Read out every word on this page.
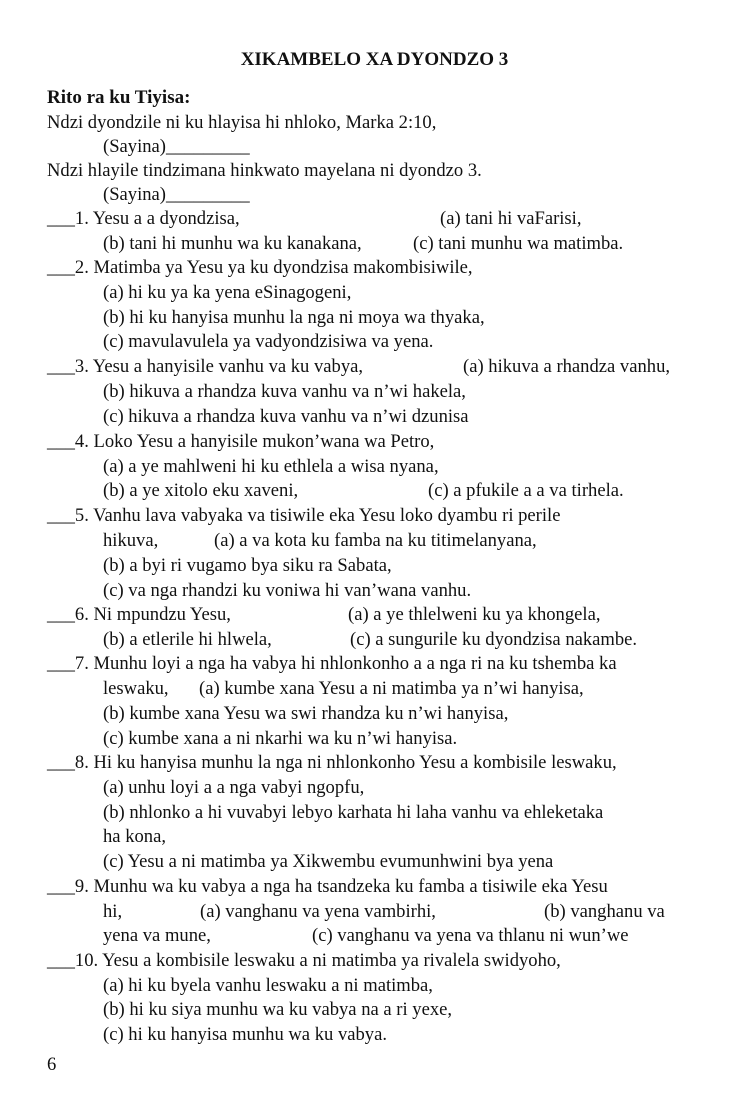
XIKAMBELO XA DYONDZO 3
Rito ra ku Tiyisa:
Ndzi dyondzile ni ku hlayisa hi nhloko, Marka 2:10,
(Sayina)_________
Ndzi hlayile tindzimana hinkwato mayelana ni dyondzo 3.
(Sayina)_________
___1. Yesu a a dyondzisa,	(a) tani hi vaFarisi,
(b) tani hi munhu wa ku kanakana,	(c) tani munhu wa matimba.
___2. Matimba ya Yesu ya ku dyondzisa makombisiwile,
(a) hi ku ya ka yena eSinagogeni,
(b) hi ku hanyisa munhu la nga ni moya wa thyaka,
(c) mavulavulela ya vadyondzisiwa va yena.
___3. Yesu a hanyisile vanhu va ku vabya,	(a) hikuva a rhandza vanhu,
(b) hikuva a rhandza kuva vanhu va n’wi hakela,
(c) hikuva a rhandza kuva vanhu va n’wi dzunisa
___4. Loko Yesu a hanyisile mukon’wana wa Petro,
(a) a ye mahlweni hi ku ethlela a wisa nyana,
(b) a ye xitolo eku xaveni,	(c) a pfukile a a va tirhela.
___5. Vanhu lava vabyaka va tisiwile eka Yesu loko dyambu ri perile
hikuva,	(a) a va kota ku famba na ku titimelanyana,
(b) a byi ri vugamo bya siku ra Sabata,
(c) va nga rhandzi ku voniwa hi van’wana vanhu.
___6. Ni mpundzu Yesu,	(a) a ye thlelweni ku ya khongela,
(b) a etlerile hi hlwela,	(c) a sungurile ku dyondzisa nakambe.
___7. Munhu loyi a nga ha vabya hi nhlonkonho a a nga ri na ku tshemba ka
leswaku, (a) kumbe xana Yesu a ni matimba ya n’wi hanyisa,
(b) kumbe xana Yesu wa swi rhandza ku n’wi hanyisa,
(c) kumbe xana a ni nkarhi wa ku n’wi hanyisa.
___8. Hi ku hanyisa munhu la nga ni nhlonkonho Yesu a kombisile leswaku,
(a) unhu loyi a a nga vabyi ngopfu,
(b) nhlonko a hi vuvabyi lebyo karhata hi laha vanhu va ehleketaka
ha kona,
(c) Yesu a ni matimba ya Xikwembu evumunhwini bya yena
___9. Munhu wa ku vabya a nga ha tsandzeka ku famba a tisiwile eka Yesu
hi,	(a) vanghanu va yena vambirhi,	(b) vanghanu va
yena va mune,	(c) vanghanu va yena va thlanu ni wun’we
___10. Yesu a kombisile leswaku a ni matimba ya rivalela swidyoho,
(a) hi ku byela vanhu leswaku a ni matimba,
(b) hi ku siya munhu wa ku vabya na a ri yexe,
(c) hi ku hanyisa munhu wa ku vabya.
6
